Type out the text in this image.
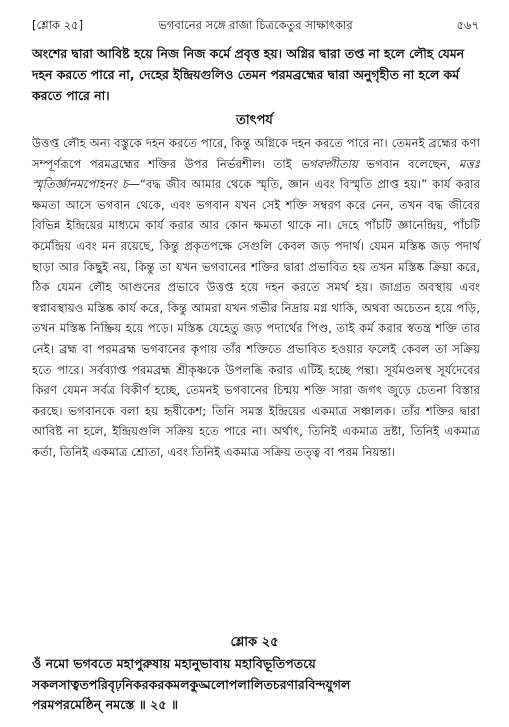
[শ্লোক ২৫]	ভগবানের সঙ্গে রাজা চিত্রকেতুর সাক্ষাৎকার	৫৬৭
অংশের দ্বারা আবিষ্ট হয়ে নিজ নিজ কর্মে প্রবৃত্ত হয়। অগ্নির দ্বারা তপ্ত না হলে লৌহ যেমন দহন করতে পারে না, দেহের ইন্দ্রিয়গুলিও তেমন পরমব্রহ্মের দ্বারা অনুগৃহীত না হলে কর্ম করতে পারে না।
তাৎপর্য
উত্তপ্ত লৌহ অন্য বস্তুকে দহন করতে পারে, কিন্তু অগ্নিকে দহন করতে পারে না। তেমনই ব্রহ্মের কণা সম্পূর্ণরূপে পরমব্রহ্মের শক্তির উপর নির্ভরশীল। তাই ভগবদ্গীতায় ভগবান বলেছেন, মত্তঃ স্মৃতির্জ্ঞানমপোহনং চ—“বদ্ধ জীব আমার থেকে স্মৃতি, জ্ঞান এবং বিস্মৃতি প্রাপ্ত হয়।” কার্য করার ক্ষমতা আসে ভগবান থেকে, এবং ভগবান যখন সেই শক্তি সম্বরণ করে নেন, তখন বদ্ধ জীবের বিভিন্ন ইন্দ্রিয়ের মাধ্যমে কার্য করার আর কোন ক্ষমতা থাকে না। দেহে পাঁচটি জ্ঞানেন্দ্রিয়, পাঁচটি কর্মেন্দ্রিয় এবং মন রয়েছে, কিন্তু প্রকৃতপক্ষে সেগুলি কেবল জড় পদার্থ। যেমন মস্তিষ্ক জড় পদার্থ ছাড়া আর কিছুই নয়, কিন্তু তা যখন ভগবানের শক্তির দ্বারা প্রভাবিত হয় তখন মস্তিষ্ক ক্রিয়া করে, ঠিক যেমন লৌহ আগুনের প্রভাবে উত্তপ্ত হয়ে দহন করতে সমর্থ হয়। জাগ্রত অবস্থায় এবং স্বপ্নাবস্থায়ও মস্তিষ্ক কার্য করে, কিন্তু আমরা যখন গভীর নিদ্রায় মগ্ন থাকি, অথবা অচেতন হয়ে পড়ি, তখন মস্তিষ্ক নিষ্ক্রিয় হয়ে পড়ে। মস্তিষ্ক যেহেতু জড় পদার্থের পিণ্ড, তাই কর্ম করার স্বতন্ত্র শক্তি তার নেই। ব্রহ্ম বা পরমব্রহ্ম ভগবানের কৃপায় তাঁর শক্তিতে প্রভাবিত হওয়ার ফলেই কেবল তা সক্রিয় হতে পারে। সর্বব্যাপ্ত পরমব্রহ্ম শ্রীকৃষ্ণকে উপলব্ধি করার এটিই হচ্ছে পন্থা। সূর্যমণ্ডলস্থ সূর্যদেবের কিরণ যেমন সর্বত্র বিকীর্ণ হচ্ছে, তেমনই ভগবানের চিন্ময় শক্তি সারা জগৎ জুড়ে চেতনা বিস্তার করছে। ভগবানকে বলা হয় হৃষীকেশ; তিনি সমস্ত ইন্দ্রিয়ের একমাত্র সঞ্চালক। তাঁর শক্তির দ্বারা আবিষ্ট না হলে, ইন্দ্রিয়গুলি সক্রিয় হতে পারে না। অর্থাৎ, তিনিই একমাত্র দ্রষ্টা, তিনিই একমাত্র কর্তা, তিনিই একমাত্র শ্রোতা, এবং তিনিই একমাত্র সক্রিয় তত্ত্ব বা পরম নিয়ন্তা।
শ্লোক ২৫
ওঁ নমো ভগবতে মহাপুরুষায় মহানুভাবায় মহাবিভূতিপতয়ে
সকলসাত্বতপরিবৃঢ়নিকরকরকমলকুড্মলোপলালিতচরণারবিন্দযুগল
পরমপরমেষ্ঠিন্ নমস্তে ॥ ২৫ ॥
